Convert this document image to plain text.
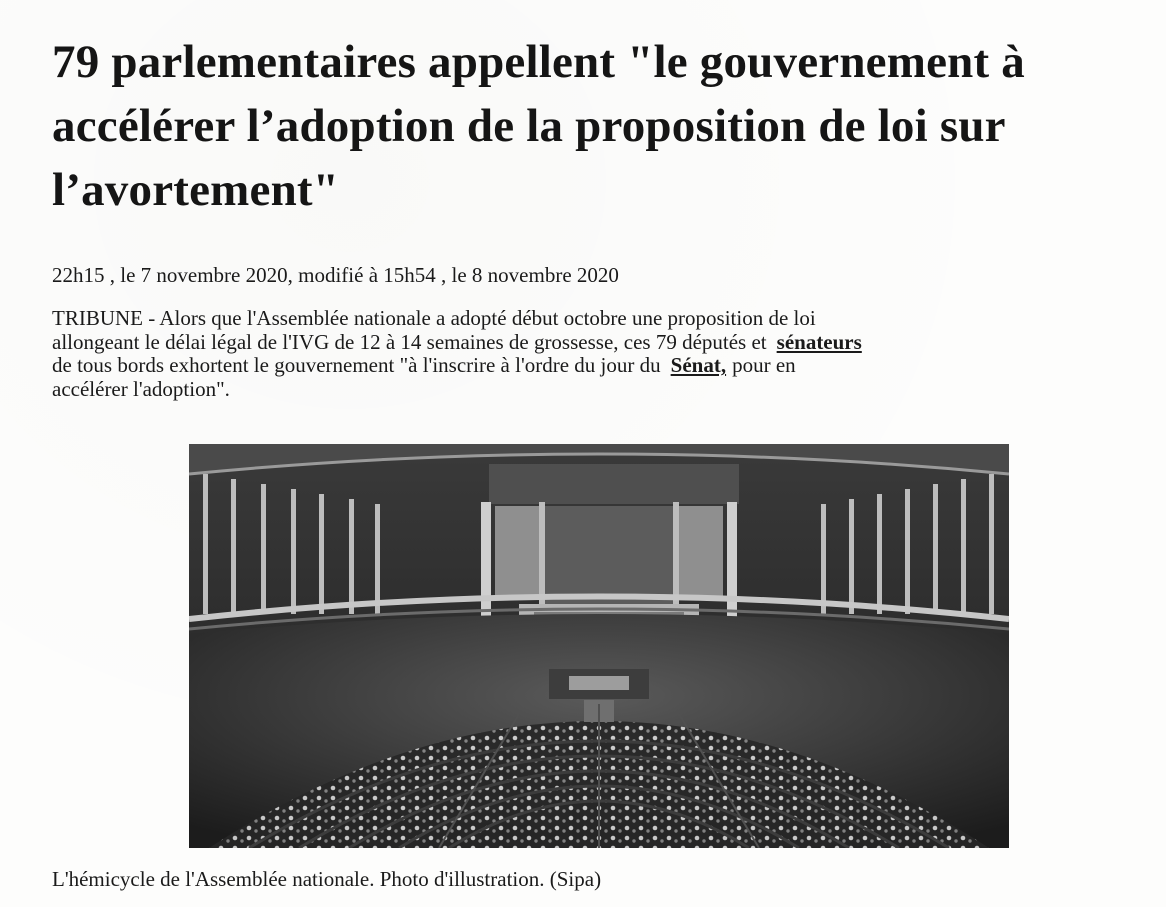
79 parlementaires appellent "le gouvernement à accélérer l’adoption de la proposition de loi sur l’avortement"
22h15 , le 7 novembre 2020, modifié à 15h54 , le 8 novembre 2020

TRIBUNE - Alors que l'Assemblée nationale a adopté début octobre une proposition de loi
allongeant le délai légal de l'IVG de 12 à 14 semaines de grossesse, ces 79 députés et sénateurs
de tous bords exhortent le gouvernement "à l'inscrire à l'ordre du jour du Sénat, pour en
accélérer l'adoption".

L'hémicycle de l'Assemblée nationale. Photo d'illustration. (Sipa)
